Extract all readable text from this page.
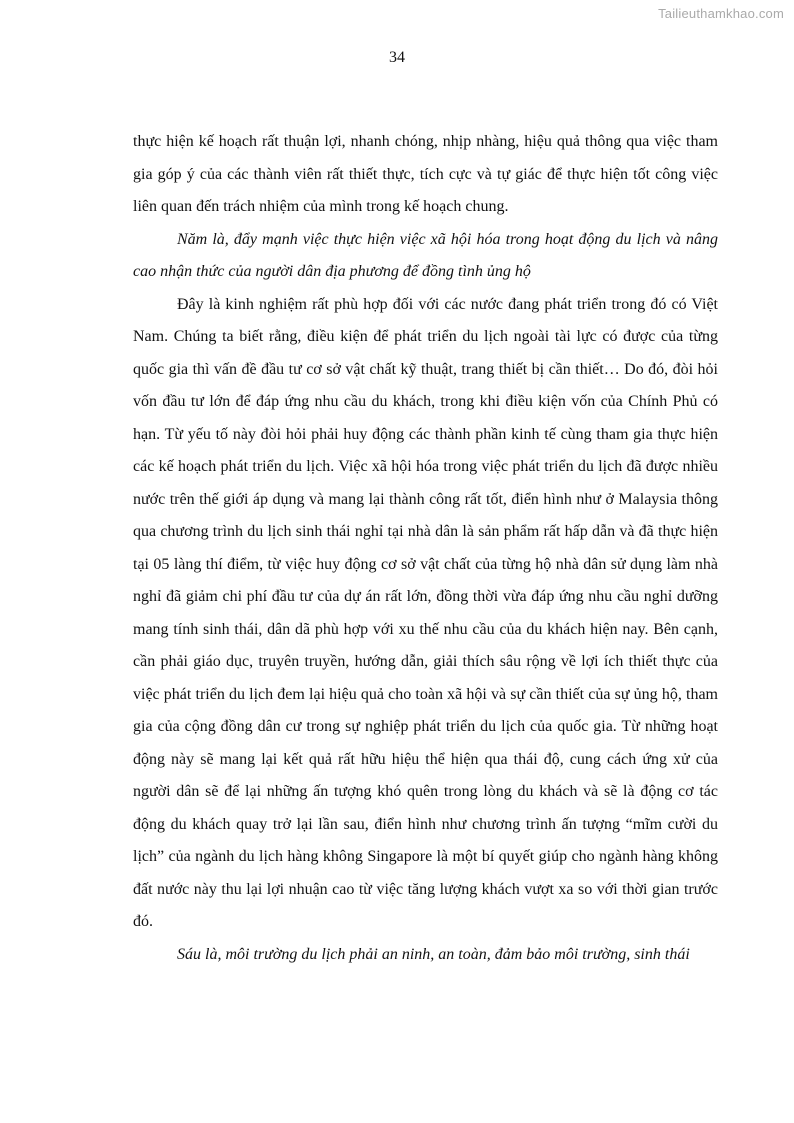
Tailieuthamkhao.com
34

thực hiện kế hoạch rất thuận lợi, nhanh chóng, nhịp nhàng, hiệu quả thông qua việc tham gia góp ý của các thành viên rất thiết thực, tích cực và tự giác để thực hiện tốt công việc liên quan đến trách nhiệm của mình trong kế hoạch chung.

Năm là, đẩy mạnh việc thực hiện việc xã hội hóa trong hoạt động du lịch và nâng cao nhận thức của người dân địa phương để đồng tình ủng hộ

Đây là kinh nghiệm rất phù hợp đối với các nước đang phát triển trong đó có Việt Nam. Chúng ta biết rằng, điều kiện để phát triển du lịch ngoài tài lực có được của từng quốc gia thì vấn đề đầu tư cơ sở vật chất kỹ thuật, trang thiết bị cần thiết… Do đó, đòi hỏi vốn đầu tư lớn để đáp ứng nhu cầu du khách, trong khi điều kiện vốn của Chính Phủ có hạn. Từ yếu tố này đòi hỏi phải huy động các thành phần kinh tế cùng tham gia thực hiện các kế hoạch phát triển du lịch. Việc xã hội hóa trong việc phát triển du lịch đã được nhiều nước trên thế giới áp dụng và mang lại thành công rất tốt, điển hình như ở Malaysia thông qua chương trình du lịch sinh thái nghỉ tại nhà dân là sản phẩm rất hấp dẫn và đã thực hiện tại 05 làng thí điểm, từ việc huy động cơ sở vật chất của từng hộ nhà dân sử dụng làm nhà nghỉ đã giảm chi phí đầu tư của dự án rất lớn, đồng thời vừa đáp ứng nhu cầu nghỉ dưỡng mang tính sinh thái, dân dã phù hợp với xu thế nhu cầu của du khách hiện nay. Bên cạnh, cần phải giáo dục, truyên truyền, hướng dẫn, giải thích sâu rộng về lợi ích thiết thực của việc phát triển du lịch đem lại hiệu quả cho toàn xã hội và sự cần thiết của sự ủng hộ, tham gia của cộng đồng dân cư trong sự nghiệp phát triển du lịch của quốc gia. Từ những hoạt động này sẽ mang lại kết quả rất hữu hiệu thể hiện qua thái độ, cung cách ứng xử của người dân sẽ để lại những ấn tượng khó quên trong lòng du khách và sẽ là động cơ tác động du khách quay trở lại lần sau, điển hình như chương trình ấn tượng “mĩm cười du lịch” của ngành du lịch hàng không Singapore là một bí quyết giúp cho ngành hàng không đất nước này thu lại lợi nhuận cao từ việc tăng lượng khách vượt xa so với thời gian trước đó.

Sáu là, môi trường du lịch phải an ninh, an toàn, đảm bảo môi trường, sinh thái
